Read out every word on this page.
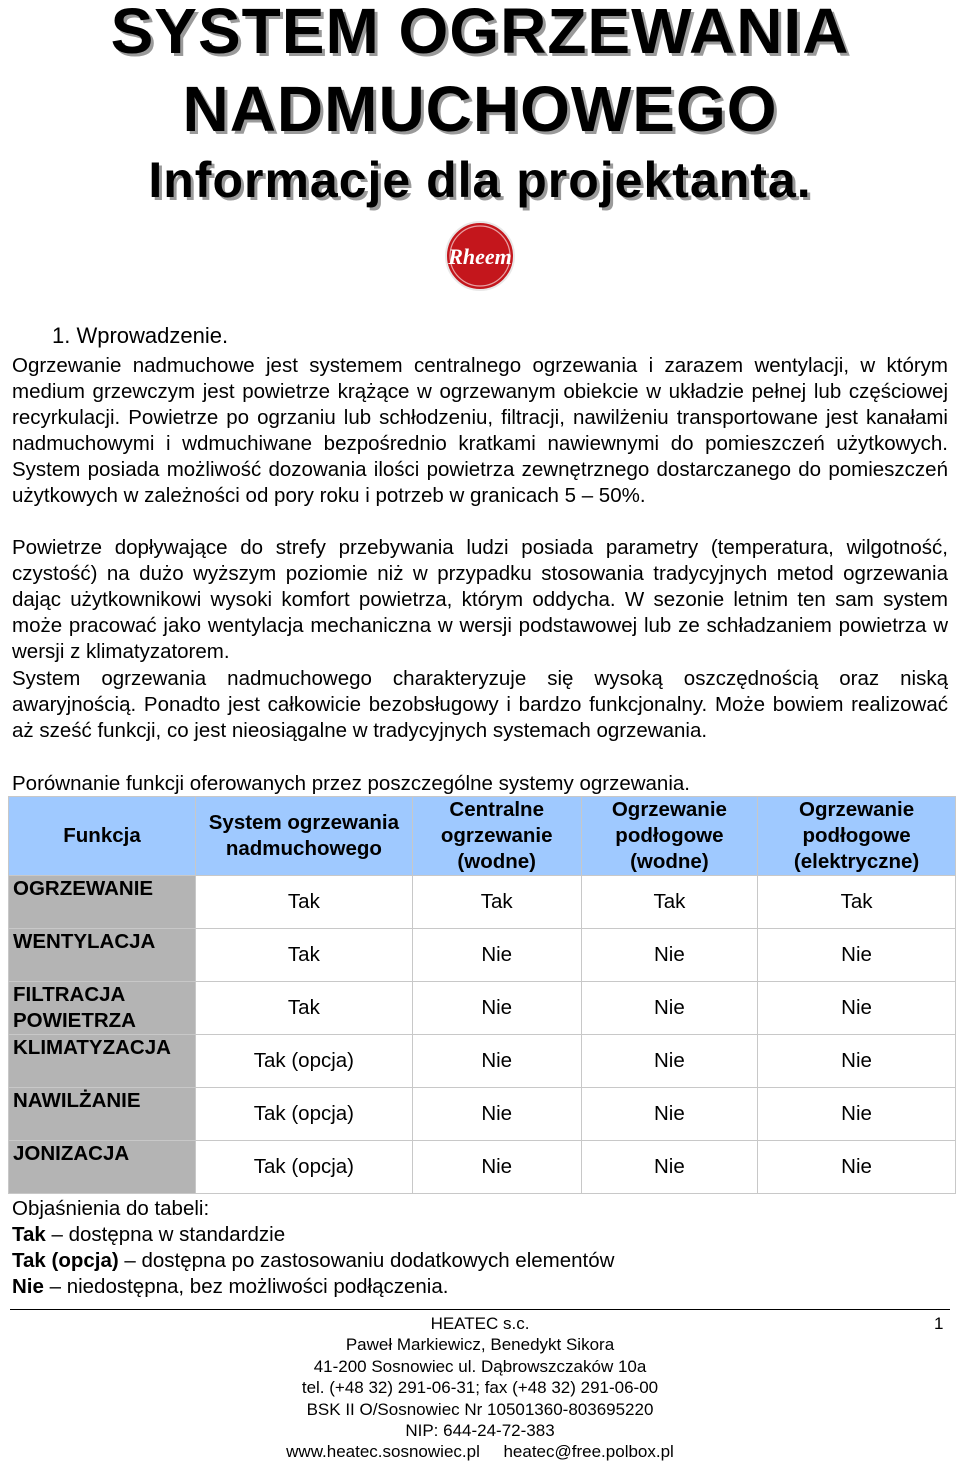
SYSTEM OGRZEWANIA
NADMUCHOWEGO
Informacje dla projektanta.
Rheem
1. Wprowadzenie.
Ogrzewanie nadmuchowe jest systemem centralnego ogrzewania i zarazem wentylacji, w którym medium grzewczym jest powietrze krążące w ogrzewanym obiekcie w układzie pełnej lub częściowej recyrkulacji. Powietrze po ogrzaniu lub schłodzeniu, filtracji, nawilżeniu transportowane jest kanałami nadmuchowymi i wdmuchiwane bezpośrednio kratkami nawiewnymi do pomieszczeń użytkowych. System posiada możliwość dozowania ilości powietrza zewnętrznego dostarczanego do pomieszczeń użytkowych w zależności od pory roku i potrzeb w granicach 5 – 50%.
Powietrze dopływające do strefy przebywania ludzi posiada parametry (temperatura, wilgotność, czystość) na dużo wyższym poziomie niż w przypadku stosowania tradycyjnych metod ogrzewania dając użytkownikowi wysoki komfort powietrza, którym oddycha. W sezonie letnim ten sam system może pracować jako wentylacja mechaniczna w wersji podstawowej lub ze schładzaniem powietrza w wersji z klimatyzatorem.
System ogrzewania nadmuchowego charakteryzuje się wysoką oszczędnością oraz niską awaryjnością. Ponadto jest całkowicie bezobsługowy i bardzo funkcjonalny. Może bowiem realizować aż sześć funkcji, co jest nieosiągalne w tradycyjnych systemach ogrzewania.
Porównanie funkcji oferowanych przez poszczególne systemy ogrzewania.
Funkcja	System ogrzewania nadmuchowego	Centralne ogrzewanie (wodne)	Ogrzewanie podłogowe (wodne)	Ogrzewanie podłogowe (elektryczne)
OGRZEWANIE	Tak	Tak	Tak	Tak
WENTYLACJA	Tak	Nie	Nie	Nie
FILTRACJA POWIETRZA	Tak	Nie	Nie	Nie
KLIMATYZACJA	Tak (opcja)	Nie	Nie	Nie
NAWILŻANIE	Tak (opcja)	Nie	Nie	Nie
JONIZACJA	Tak (opcja)	Nie	Nie	Nie
Objaśnienia do tabeli:
Tak – dostępna w standardzie
Tak (opcja) – dostępna po zastosowaniu dodatkowych elementów
Nie – niedostępna, bez możliwości podłączenia.
HEATEC s.c.
Paweł Markiewicz, Benedykt Sikora
41-200 Sosnowiec ul. Dąbrowszczaków 10a
tel. (+48 32) 291-06-31; fax (+48 32) 291-06-00
BSK II O/Sosnowiec Nr 10501360-803695220
NIP: 644-24-72-383
www.heatec.sosnowiec.pl     heatec@free.polbox.pl
1
